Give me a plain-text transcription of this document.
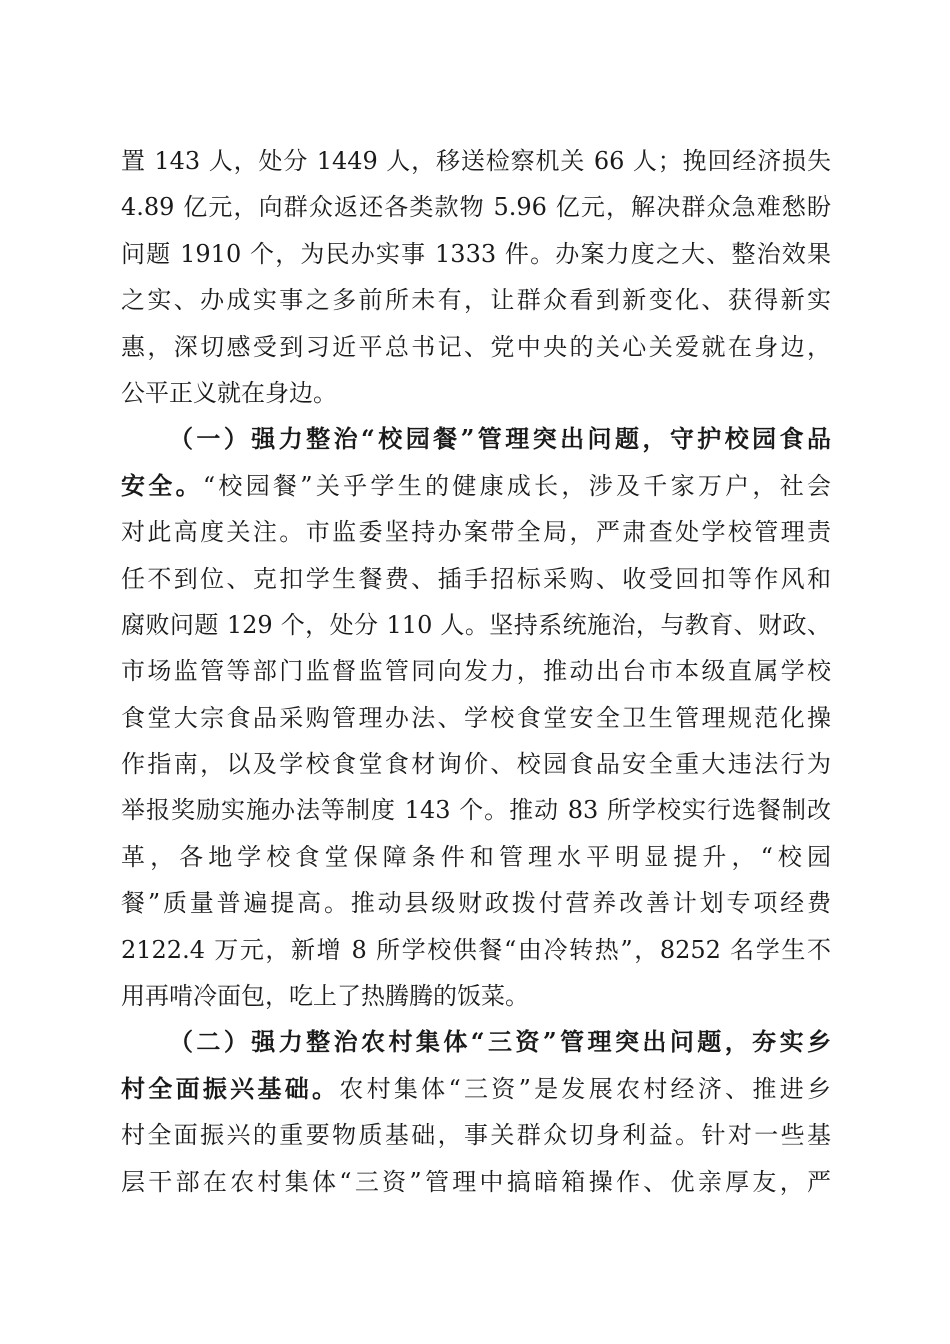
置 143 人，处分 1449 人，移送检察机关 66 人；挽回经济损失
4.89 亿元，向群众返还各类款物 5.96 亿元，解决群众急难愁盼
问题 1910 个，为民办实事 1333 件。办案力度之大、整治效果
之实、办成实事之多前所未有，让群众看到新变化、获得新实
惠，深切感受到习近平总书记、党中央的关心关爱就在身边，
公平正义就在身边。
（一）强力整治“校园餐”管理突出问题，守护校园食品
安全。“校园餐”关乎学生的健康成长，涉及千家万户，社会
对此高度关注。市监委坚持办案带全局，严肃查处学校管理责
任不到位、克扣学生餐费、插手招标采购、收受回扣等作风和
腐败问题 129 个，处分 110 人。坚持系统施治，与教育、财政、
市场监管等部门监督监管同向发力，推动出台市本级直属学校
食堂大宗食品采购管理办法、学校食堂安全卫生管理规范化操
作指南，以及学校食堂食材询价、校园食品安全重大违法行为
举报奖励实施办法等制度 143 个。推动 83 所学校实行选餐制改
革，各地学校食堂保障条件和管理水平明显提升，“校园
餐”质量普遍提高。推动县级财政拨付营养改善计划专项经费
2122.4 万元，新增 8 所学校供餐“由冷转热”，8252 名学生不
用再啃冷面包，吃上了热腾腾的饭菜。
（二）强力整治农村集体“三资”管理突出问题，夯实乡
村全面振兴基础。农村集体“三资”是发展农村经济、推进乡
村全面振兴的重要物质基础，事关群众切身利益。针对一些基
层干部在农村集体“三资”管理中搞暗箱操作、优亲厚友，严
